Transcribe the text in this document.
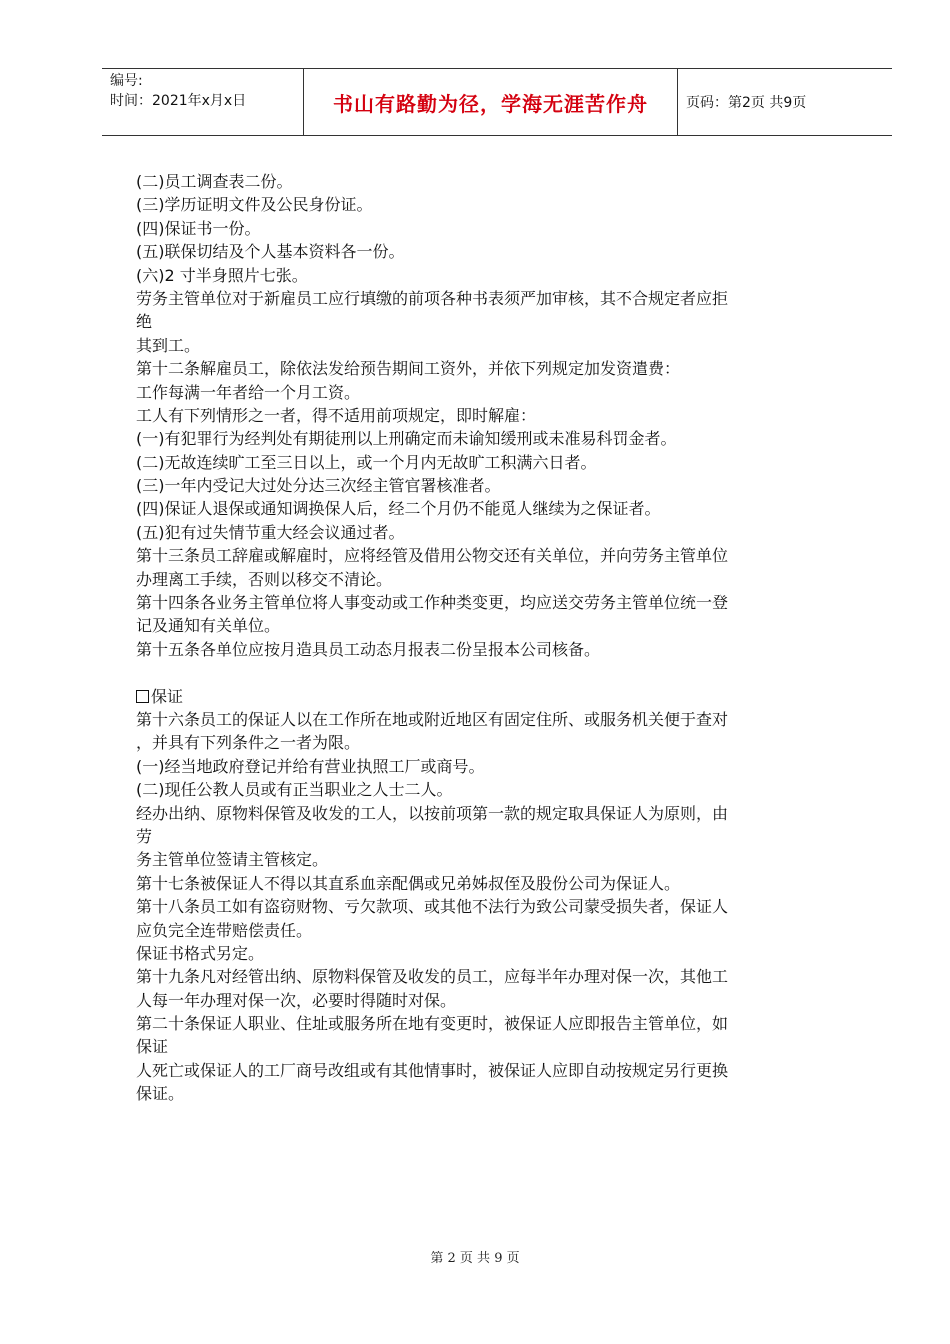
编号:
时间：2021年x月x日	书山有路勤为径，学海无涯苦作舟	页码：第2页 共9页
(二)员工调查表二份。
(三)学历证明文件及公民身份证。
(四)保证书一份。
(五)联保切结及个人基本资料各一份。
(六)2 寸半身照片七张。
劳务主管单位对于新雇员工应行填缴的前项各种书表须严加审核，其不合规定者应拒
绝
其到工。
第十二条解雇员工，除依法发给预告期间工资外，并依下列规定加发资遣费：
工作每满一年者给一个月工资。
工人有下列情形之一者，得不适用前项规定，即时解雇：
(一)有犯罪行为经判处有期徒刑以上刑确定而未谕知缓刑或未准易科罚金者。
(二)无故连续旷工至三日以上，或一个月内无故旷工积满六日者。
(三)一年内受记大过处分达三次经主管官署核准者。
(四)保证人退保或通知调换保人后，经二个月仍不能觅人继续为之保证者。
(五)犯有过失情节重大经会议通过者。
第十三条员工辞雇或解雇时，应将经管及借用公物交还有关单位，并向劳务主管单位
办理离工手续，否则以移交不清论。
第十四条各业务主管单位将人事变动或工作种类变更，均应送交劳务主管单位统一登
记及通知有关单位。
第十五条各单位应按月造具员工动态月报表二份呈报本公司核备。
保证
第十六条员工的保证人以在工作所在地或附近地区有固定住所、或服务机关便于查对
，并具有下列条件之一者为限。
(一)经当地政府登记并给有营业执照工厂或商号。
(二)现任公教人员或有正当职业之人士二人。
经办出纳、原物料保管及收发的工人，以按前项第一款的规定取具保证人为原则，由
劳
务主管单位签请主管核定。
第十七条被保证人不得以其直系血亲配偶或兄弟姊叔侄及股份公司为保证人。
第十八条员工如有盗窃财物、亏欠款项、或其他不法行为致公司蒙受损失者，保证人
应负完全连带赔偿责任。
保证书格式另定。
第十九条凡对经管出纳、原物料保管及收发的员工，应每半年办理对保一次，其他工
人每一年办理对保一次，必要时得随时对保。
第二十条保证人职业、住址或服务所在地有变更时，被保证人应即报告主管单位，如
保证
人死亡或保证人的工厂商号改组或有其他情事时，被保证人应即自动按规定另行更换
保证。
第 2 页 共 9 页
